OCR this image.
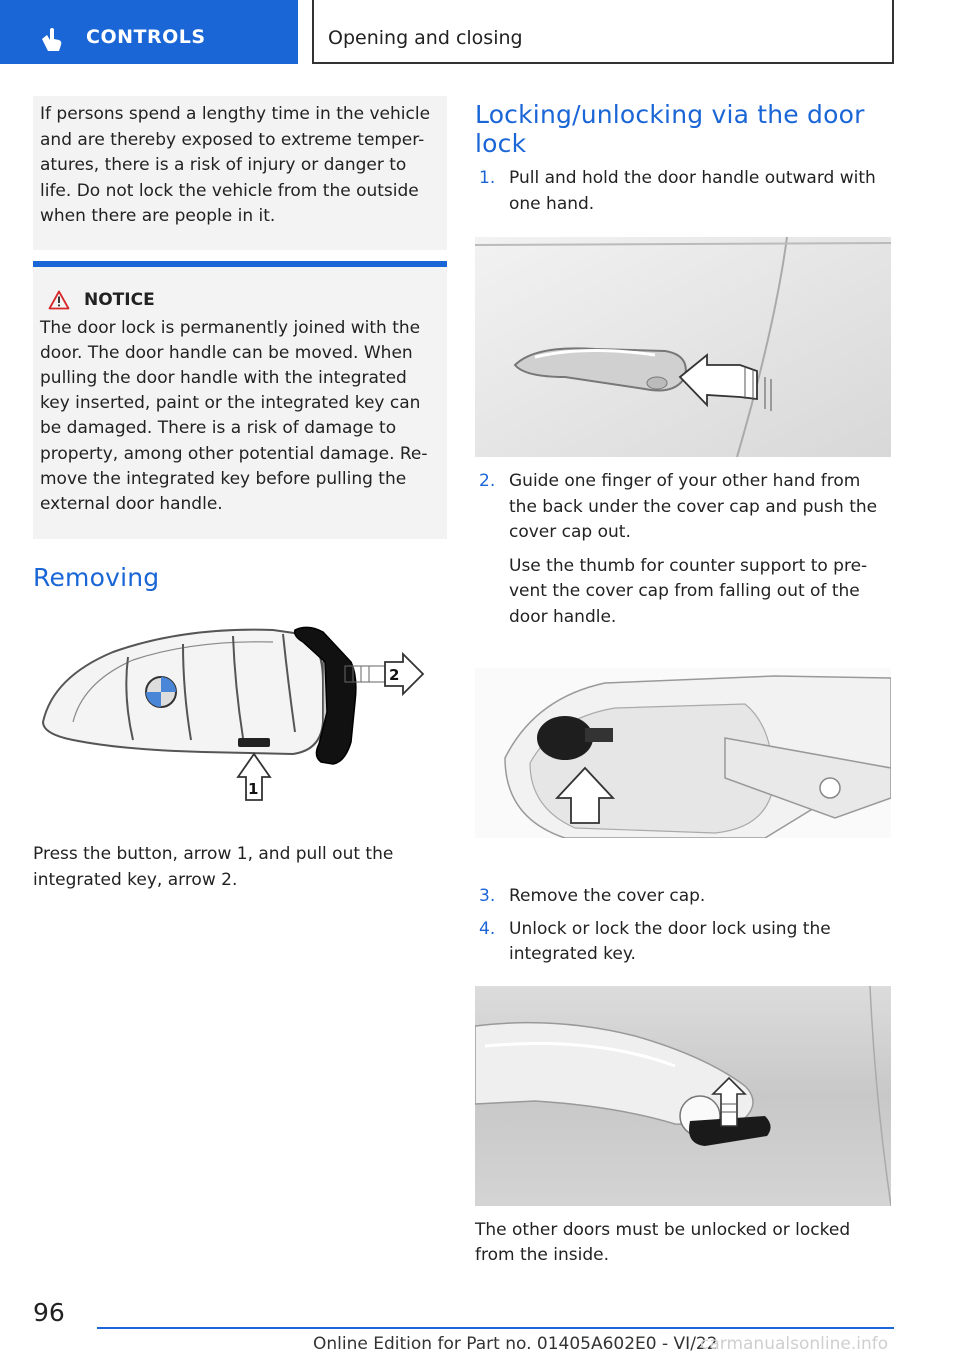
CONTROLS	Opening and closing

If persons spend a lengthy time in the vehicle and are thereby exposed to extreme temper- atures, there is a risk of injury or danger to life. Do not lock the vehicle from the outside when there are people in it.

NOTICE

The door lock is permanently joined with the door. The door handle can be moved. When pulling the door handle with the integrated key inserted, paint or the integrated key can be damaged. There is a risk of damage to property, among other potential damage. Re- move the integrated key before pulling the external door handle.

Removing
2
1

Press the button, arrow 1, and pull out the integrated key, arrow 2.

Locking/unlocking via the door lock
1. Pull and hold the door handle outward with one hand.
2. Guide one finger of your other hand from the back under the cover cap and push the cover cap out.
Use the thumb for counter support to pre- vent the cover cap from falling out of the door handle.
3. Remove the cover cap.
4. Unlock or lock the door lock using the integrated key.

The other doors must be unlocked or locked from the inside.

96
Online Edition for Part no. 01405A602E0 - VI/22
carmanualsonline.info
